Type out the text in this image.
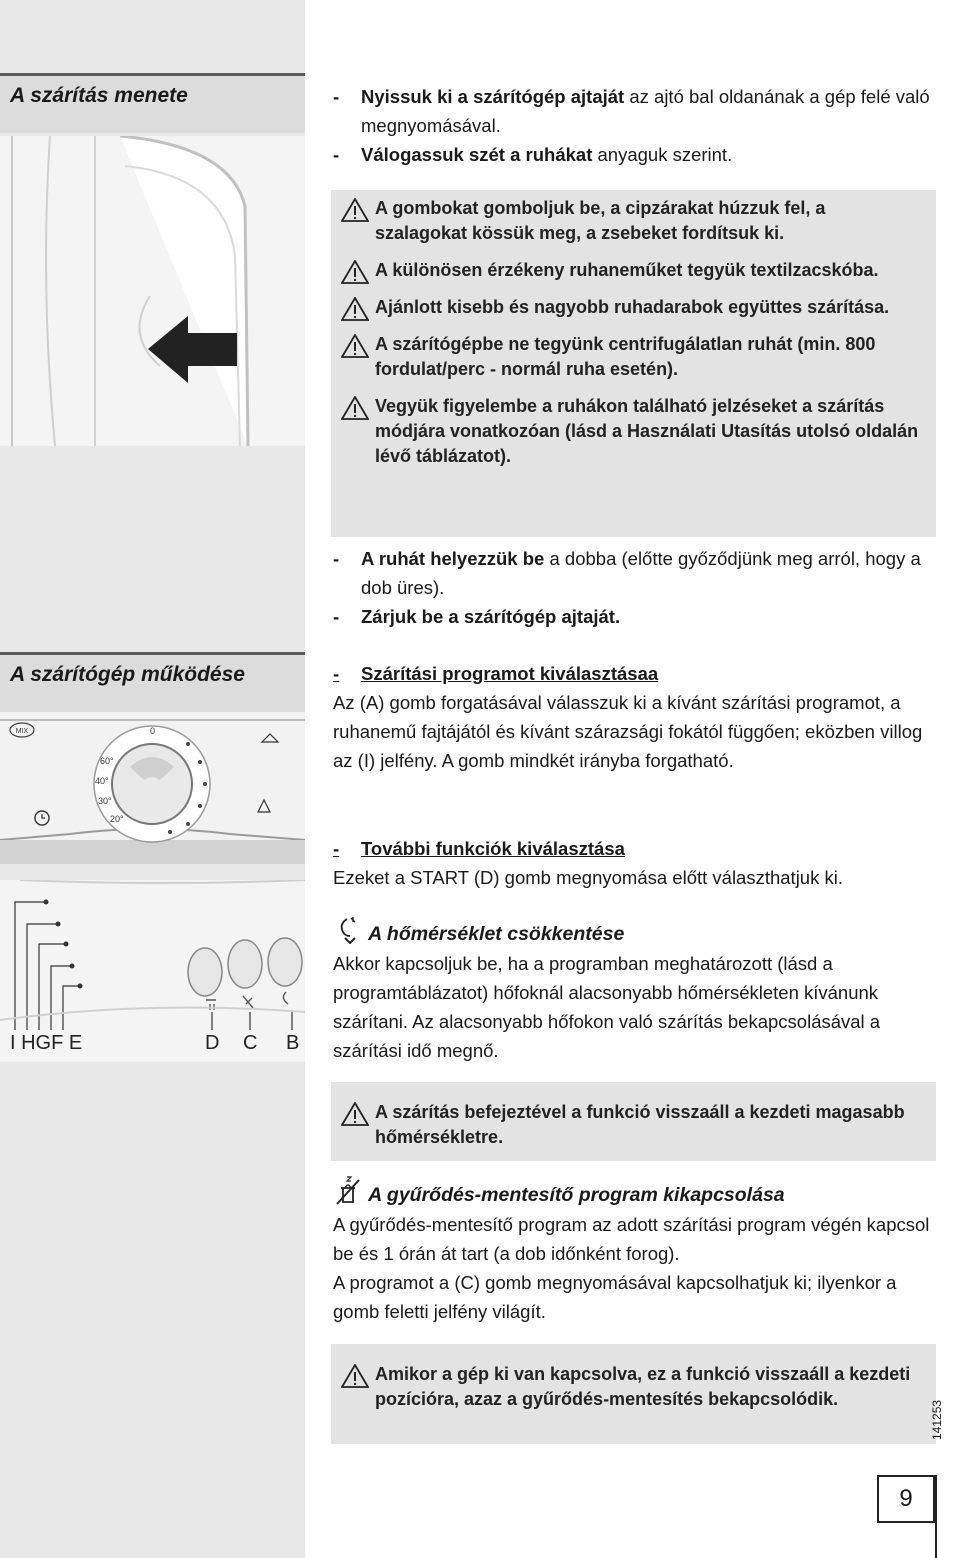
A szárítás menete	-	Nyissuk ki a szárítógép ajtaját az ajtó bal oldanának a gép felé való megnyomásával.
-	Válogassuk szét a ruhákat anyaguk szerint.
A gombokat gomboljuk be, a cipzárakat húzzuk fel, a szalagokat kössük meg, a zsebeket fordítsuk ki.
A különösen érzékeny ruhaneműket tegyük textilzacskóba.
Ajánlott kisebb és nagyobb ruhadarabok együttes szárítása.
A szárítógépbe ne tegyünk centrifugálatlan ruhát (min. 800 fordulat/perc - normál ruha esetén).
Vegyük figyelembe a ruhákon található jelzéseket a szárítás módjára vonatkozóan (lásd a Használati Utasítás utolsó oldalán lévő táblázatot).
-	A ruhát helyezzük be a dobba (előtte győződjünk meg arról, hogy a dob üres).
-	Zárjuk be a szárítógép ajtaját.
A szárítógép működése
MIX	0
60°
40°
30°
20°
I HGF E	D C B
- Szárítási programot kiválasztásaa
Az (A) gomb forgatásával válasszuk ki a kívánt szárítási programot, a ruhanemű fajtájától és kívánt szárazsági fokától függően; eközben villog az (I) jelfény. A gomb mindkét irányba forgatható.
- További funkciók kiválasztása
Ezeket a START (D) gomb megnyomása előtt választhatjuk ki.
A hőmérséklet csökkentése
Akkor kapcsoljuk be, ha a programban meghatározott (lásd a programtáblázatot) hőfoknál alacsonyabb hőmérsékleten kívánunk szárítani. Az alacsonyabb hőfokon való szárítás bekapcsolásával a szárítási idő megnő.
A szárítás befejeztével a funkció visszaáll a kezdeti magasabb hőmérsékletre.
A gyűrődés-mentesítő program kikapcsolása
A gyűrődés-mentesítő program az adott szárítási program végén kapcsol be és 1 órán át tart (a dob időnként forog).
A programot a (C) gomb megnyomásával kapcsolhatjuk ki; ilyenkor a gomb feletti jelfény világít.
Amikor a gép ki van kapcsolva, ez a funkció visszaáll a kezdeti pozícióra, azaz a gyűrődés-mentesítés bekapcsolódik.
141253
9
